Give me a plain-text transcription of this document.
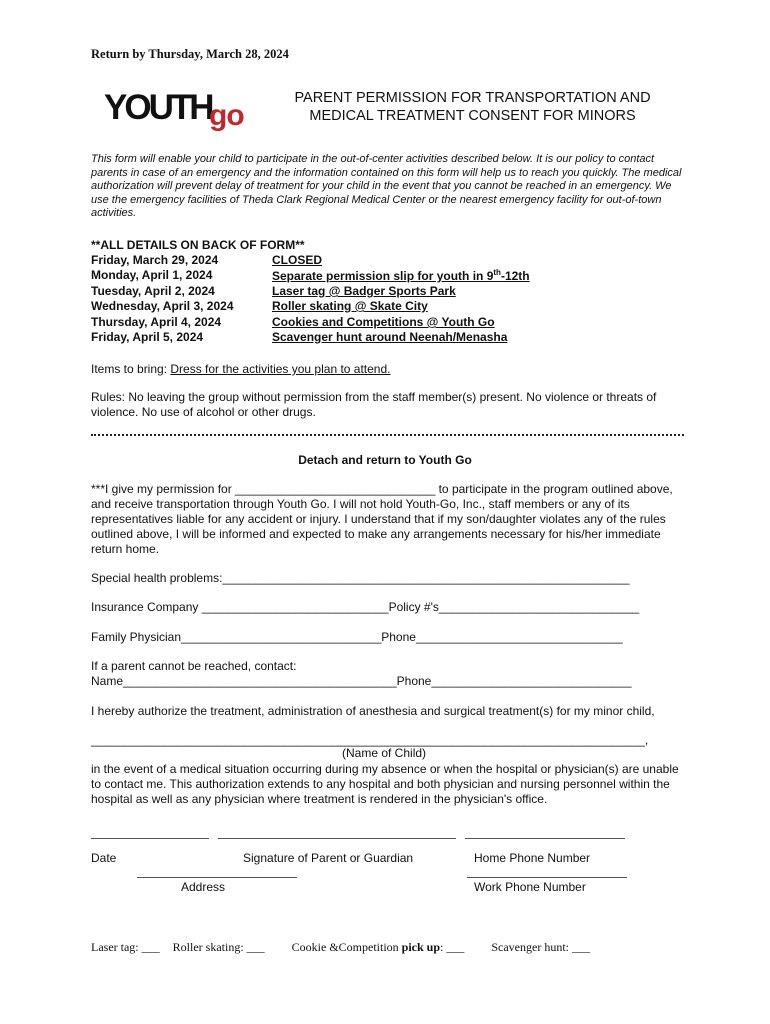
Return by Thursday, March 28, 2024
YOUTH
go
PARENT PERMISSION FOR TRANSPORTATION AND
MEDICAL TREATMENT CONSENT FOR MINORS
This form will enable your child to participate in the out-of-center activities described below. It is our policy to contact parents in case of an emergency and the information contained on this form will help us to reach you quickly. The medical authorization will prevent delay of treatment for your child in the event that you cannot be reached in an emergency. We use the emergency facilities of Theda Clark Regional Medical Center or the nearest emergency facility for out-of-town activities.
**ALL DETAILS ON BACK OF FORM**
Friday, March 29, 2024	CLOSED
Monday, April 1, 2024	Separate permission slip for youth in 9th-12th
Tuesday, April 2, 2024	Laser tag @ Badger Sports Park
Wednesday, April 3, 2024	Roller skating @ Skate City
Thursday, April 4, 2024	Cookies and Competitions @ Youth Go
Friday, April 5, 2024	Scavenger hunt around Neenah/Menasha
Items to bring: Dress for the activities you plan to attend.
Rules: No leaving the group without permission from the staff member(s) present. No violence or threats of violence. No use of alcohol or other drugs.
Detach and return to Youth Go
***I give my permission for ______________________________ to participate in the program outlined above, and receive transportation through Youth Go. I will not hold Youth-Go, Inc., staff members or any of its representatives liable for any accident or injury. I understand that if my son/daughter violates any of the rules outlined above, I will be informed and expected to make any arrangements necessary for his/her immediate return home.
Special health problems:_____________________________________________________________
Insurance Company ____________________________Policy #'s______________________________
Family Physician______________________________Phone_______________________________
If a parent cannot be reached, contact:
Name_________________________________________Phone______________________________
I hereby authorize the treatment, administration of anesthesia and surgical treatment(s) for my minor child,
___________________________________________________________________________________,
(Name of Child)
in the event of a medical situation occurring during my absence or when the hospital or physician(s) are unable to contact me. This authorization extends to any hospital and both physician and nursing personnel within the hospital as well as any physician where treatment is rendered in the physician's office.
Date	Signature of Parent or Guardian	Home Phone Number
Address	Work Phone Number
Laser tag: ___ Roller skating: ___ Cookie &Competition pick up: ___ Scavenger hunt: ___
